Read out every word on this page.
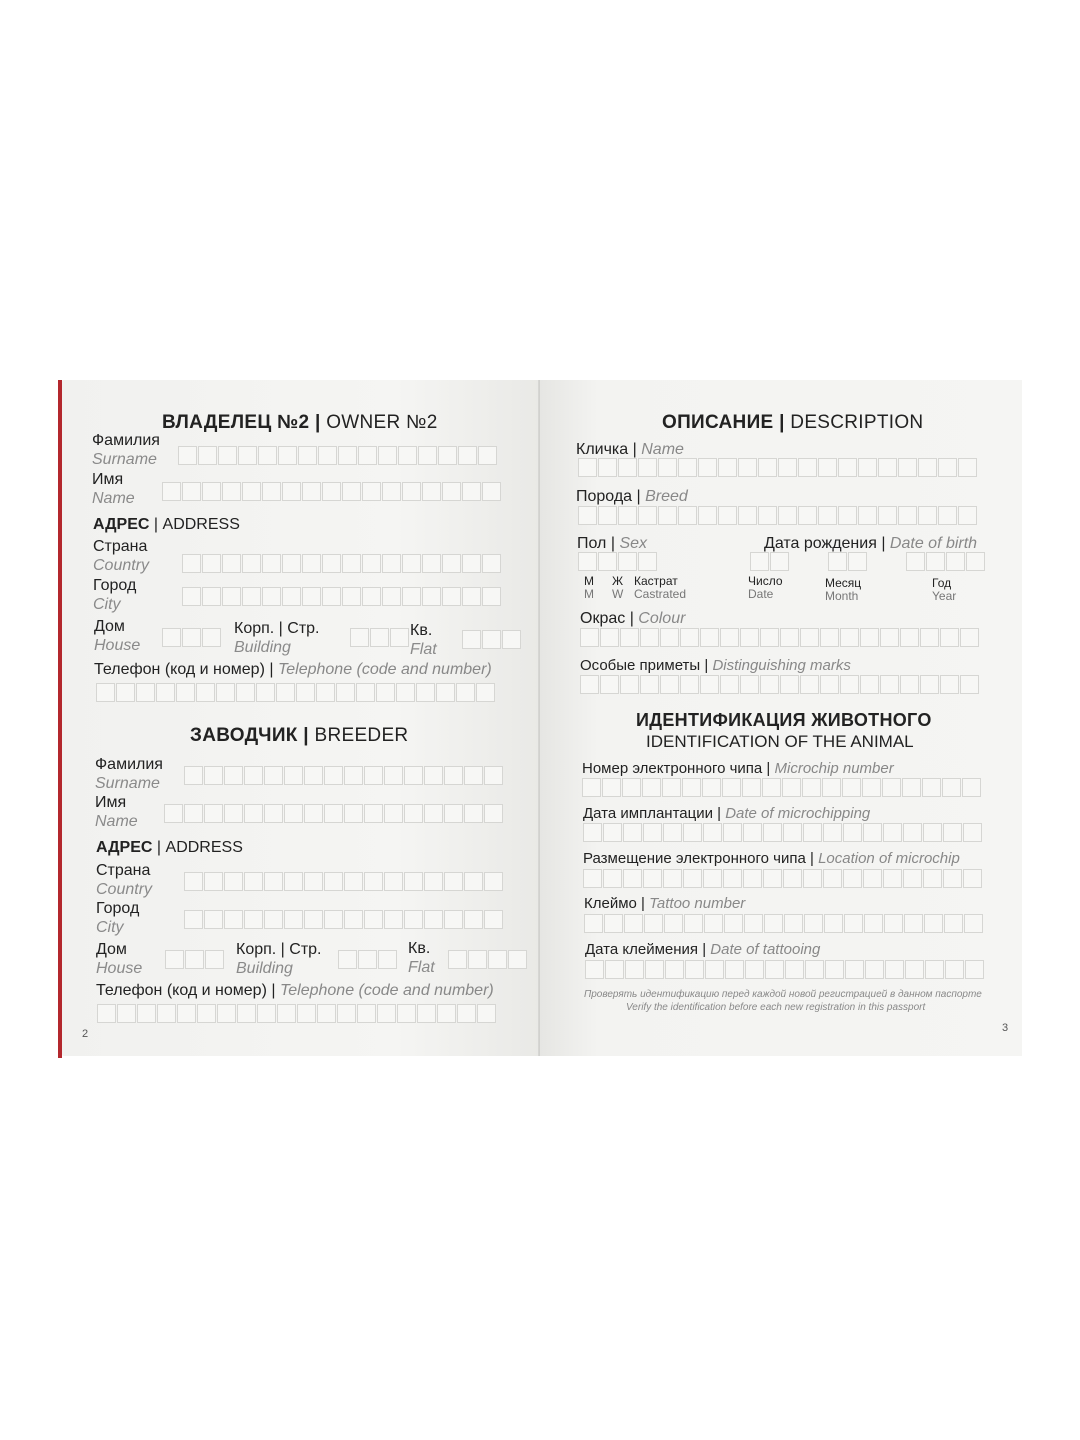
ВЛАДЕЛЕЦ №2 | OWNER №2
Фамилия
Surname
Имя
Name
АДРЕС | ADDRESS
Страна
Country
Город
City
Дом
House
Корп. | Стр.
Building
Кв.
Flat
Телефон (код и номер) | Telephone (code and number)
ЗАВОДЧИК | BREEDER
Фамилия
Surname
Имя
Name
АДРЕС | ADDRESS
Страна
Country
Город
City
Дом
House
Корп. | Стр.
Building
Кв.
Flat
Телефон (код и номер) | Telephone (code and number)
2
ОПИСАНИЕ | DESCRIPTION
Кличка | Name
Порода | Breed
Пол | Sex	Дата рождения | Date of birth
М
M
Ж
W
Кастрат
Castrated
Число
Date
Месяц
Month
Год
Year
Окрас | Colour
Особые приметы | Distinguishing marks
ИДЕНТИФИКАЦИЯ ЖИВОТНОГО
IDENTIFICATION OF THE ANIMAL
Номер электронного чипа | Microchip number
Дата имплантации | Date of microchipping
Размещение электронного чипа | Location of microchip
Клеймо | Tattoo number
Дата клеймения | Date of tattooing
Проверять идентификацию перед каждой новой регистрацией в данном паспорте
Verify the identification before each new registration in this passport
3
